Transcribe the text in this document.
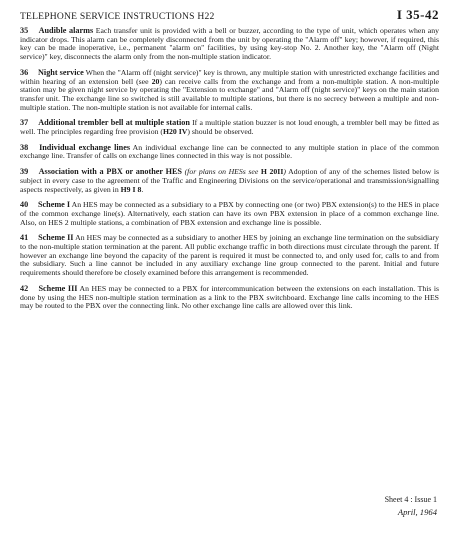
TELEPHONE SERVICE INSTRUCTIONS H22	I 35-42

35 Audible alarms Each transfer unit is provided with a bell or buzzer, according to the type of unit, which operates when any indicator drops. This alarm can be completely disconnected from the unit by operating the "Alarm off" key; however, if required, this key can be made inoperative, i.e., permanent "alarm on" facilities, by using key-stop No. 2. Another key, the "Alarm off (Night service)" key, disconnects the alarm only from the non-multiple station indicator.

36 Night service When the "Alarm off (night service)" key is thrown, any multiple station with unrestricted exchange facilities and within hearing of an extension bell (see 20) can receive calls from the exchange and from a non-multiple station. A non-multiple station may be given night service by operating the "Extension to exchange" and "Alarm off (night service)" keys on the main station transfer unit. The exchange line so switched is still available to multiple stations, but there is no secrecy between a multiple and non-multiple station. The non-multiple station is not available for internal calls.

37 Additional trembler bell at multiple station If a multiple station buzzer is not loud enough, a trembler bell may be fitted as well. The principles regarding free provision (H20 IV) should be observed.

38 Individual exchange lines An individual exchange line can be connected to any multiple station in place of the common exchange line. Transfer of calls on exchange lines connected in this way is not possible.

39 Association with a PBX or another HES (for plans on HESs see H 20II) Adoption of any of the schemes listed below is subject in every case to the agreement of the Traffic and Engineering Divisions on the service/operational and transmission/signalling aspects respectively, as given in H9 I 8.

40 Scheme I An HES may be connected as a subsidiary to a PBX by connecting one (or two) PBX extension(s) to the HES in place of the common exchange line(s). Alternatively, each station can have its own PBX extension in place of a common exchange line. Also, on HES 2 multiple stations, a combination of PBX extension and exchange line is possible.

41 Scheme II An HES may be connected as a subsidiary to another HES by joining an exchange line termination on the subsidiary to the non-multiple station termination at the parent. All public exchange traffic in both directions must circulate through the parent. If however an exchange line beyond the capacity of the parent is required it must be connected to, and only used for, calls to and from the subsidiary. Such a line cannot be included in any auxiliary exchange line group connected to the parent. Initial and future requirements should therefore be closely examined before this arrangement is recommended.

42 Scheme III An HES may be connected to a PBX for intercommunication between the extensions on each installation. This is done by using the HES non-multiple station termination as a link to the PBX switchboard. Exchange line calls incoming to the HES may be routed to the PBX over the connecting link. No other exchange line calls are allowed over this link.

Sheet 4 : Issue 1
April, 1964
